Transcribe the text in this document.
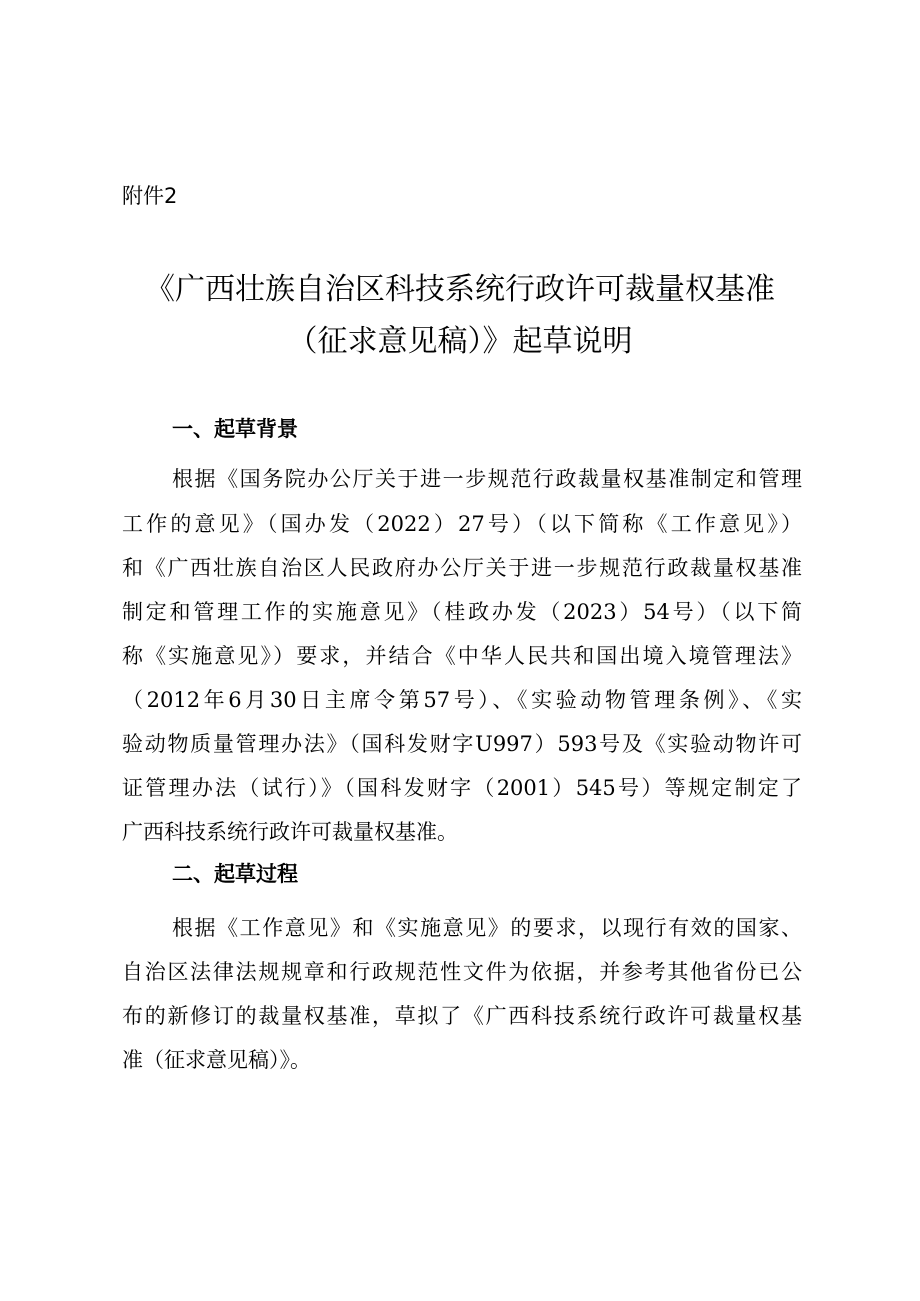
附件2
《广西壮族自治区科技系统行政许可裁量权基准
（征求意见稿）》起草说明
一、起草背景
根据《国务院办公厅关于进一步规范行政裁量权基准制定和管理
工作的意见》（国办发（2022）27号）（以下简称《工作意见》）
和《广西壮族自治区人民政府办公厅关于进一步规范行政裁量权基准
制定和管理工作的实施意见》（桂政办发（2023）54号）（以下简
称《实施意见》）要求，并结合《中华人民共和国出境入境管理法》
（2012年6月30日主席令第57号）、《实验动物管理条例》、《实
验动物质量管理办法》（国科发财字U997）593号及《实验动物许可
证管理办法（试行）》（国科发财字（2001）545号）等规定制定了
广西科技系统行政许可裁量权基准。
二、起草过程
根据《工作意见》和《实施意见》的要求，以现行有效的国家、
自治区法律法规规章和行政规范性文件为依据，并参考其他省份已公
布的新修订的裁量权基准，草拟了《广西科技系统行政许可裁量权基
准（征求意见稿）》。
